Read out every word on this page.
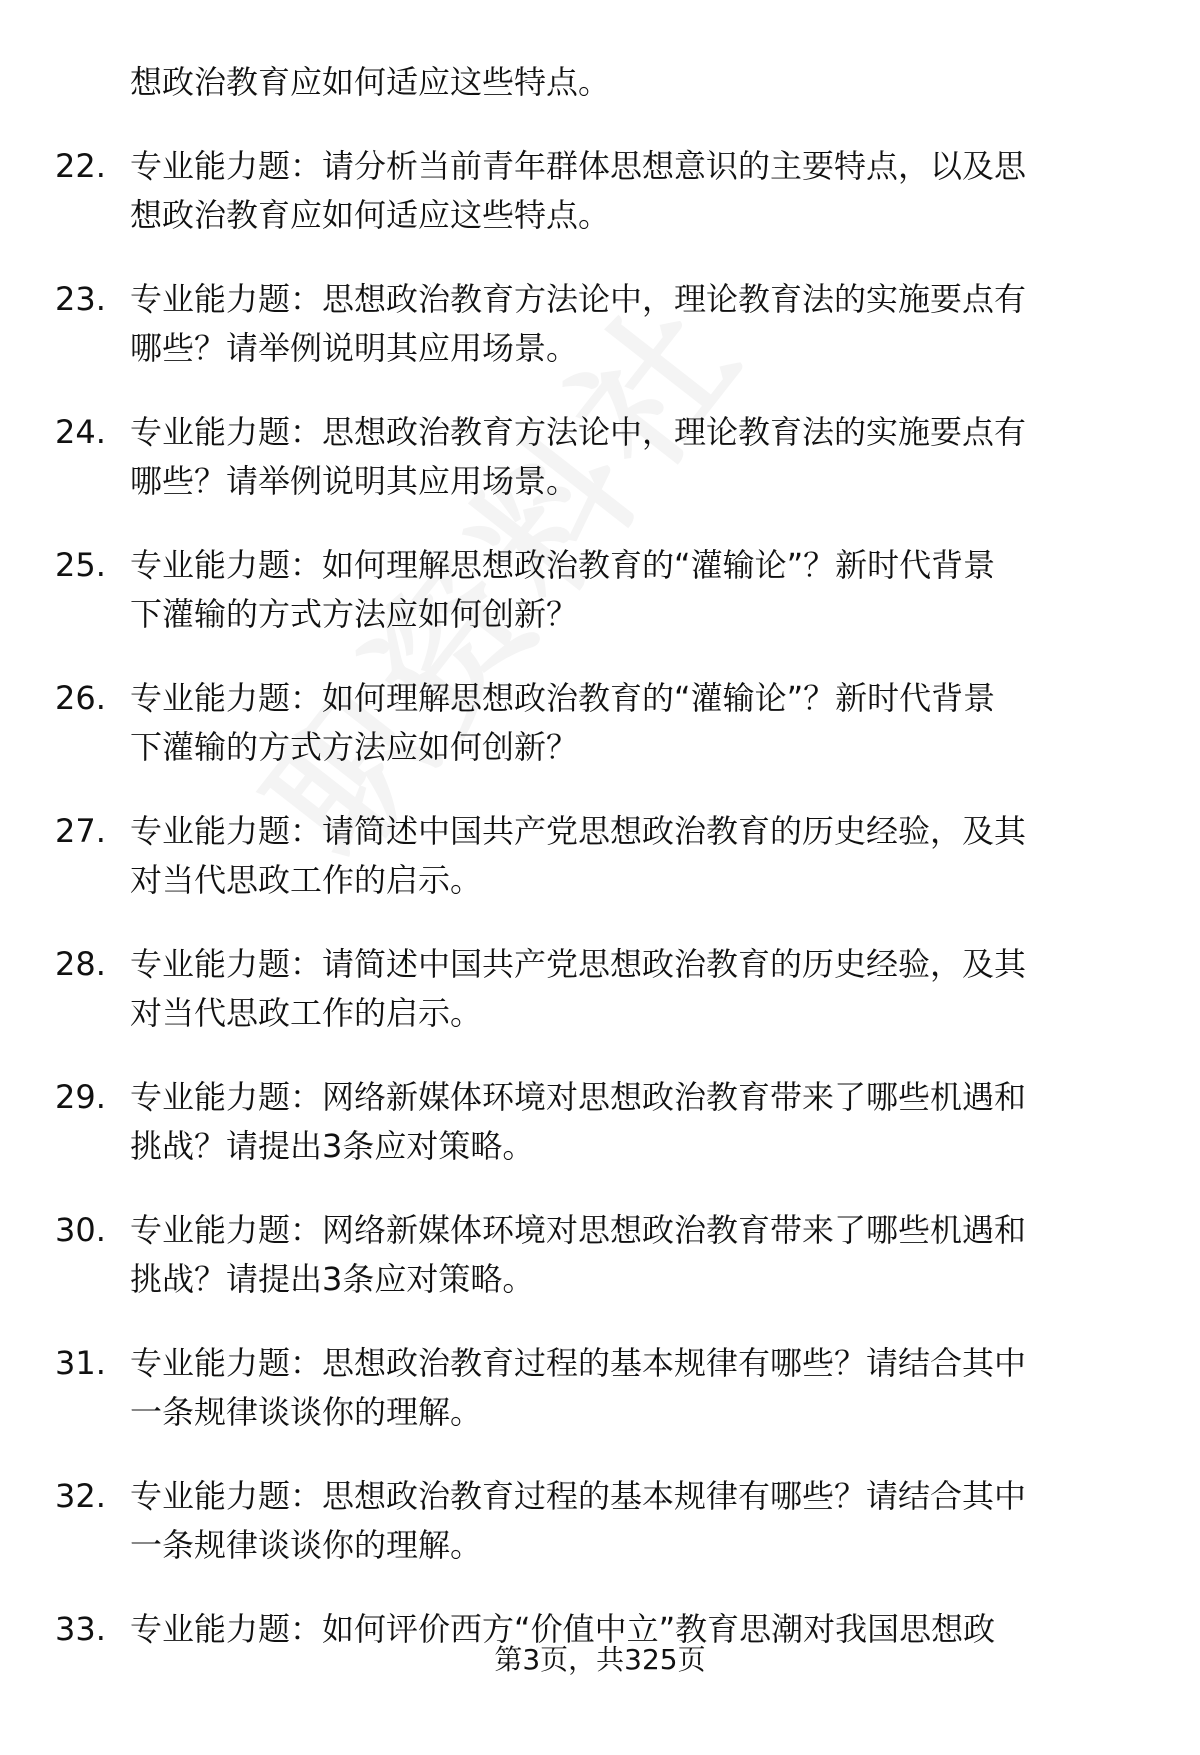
想政治教育应如何适应这些特点。
22. 专业能力题：请分析当前青年群体思想意识的主要特点，以及思
想政治教育应如何适应这些特点。
23. 专业能力题：思想政治教育方法论中，理论教育法的实施要点有
哪些？请举例说明其应用场景。
24. 专业能力题：思想政治教育方法论中，理论教育法的实施要点有
哪些？请举例说明其应用场景。
25. 专业能力题：如何理解思想政治教育的“灌输论”？新时代背景
下灌输的方式方法应如何创新？
26. 专业能力题：如何理解思想政治教育的“灌输论”？新时代背景
下灌输的方式方法应如何创新？
27. 专业能力题：请简述中国共产党思想政治教育的历史经验，及其
对当代思政工作的启示。
28. 专业能力题：请简述中国共产党思想政治教育的历史经验，及其
对当代思政工作的启示。
29. 专业能力题：网络新媒体环境对思想政治教育带来了哪些机遇和
挑战？请提出3条应对策略。
30. 专业能力题：网络新媒体环境对思想政治教育带来了哪些机遇和
挑战？请提出3条应对策略。
31. 专业能力题：思想政治教育过程的基本规律有哪些？请结合其中
一条规律谈谈你的理解。
32. 专业能力题：思想政治教育过程的基本规律有哪些？请结合其中
一条规律谈谈你的理解。
33. 专业能力题：如何评价西方“价值中立”教育思潮对我国思想政
第3页，共325页
